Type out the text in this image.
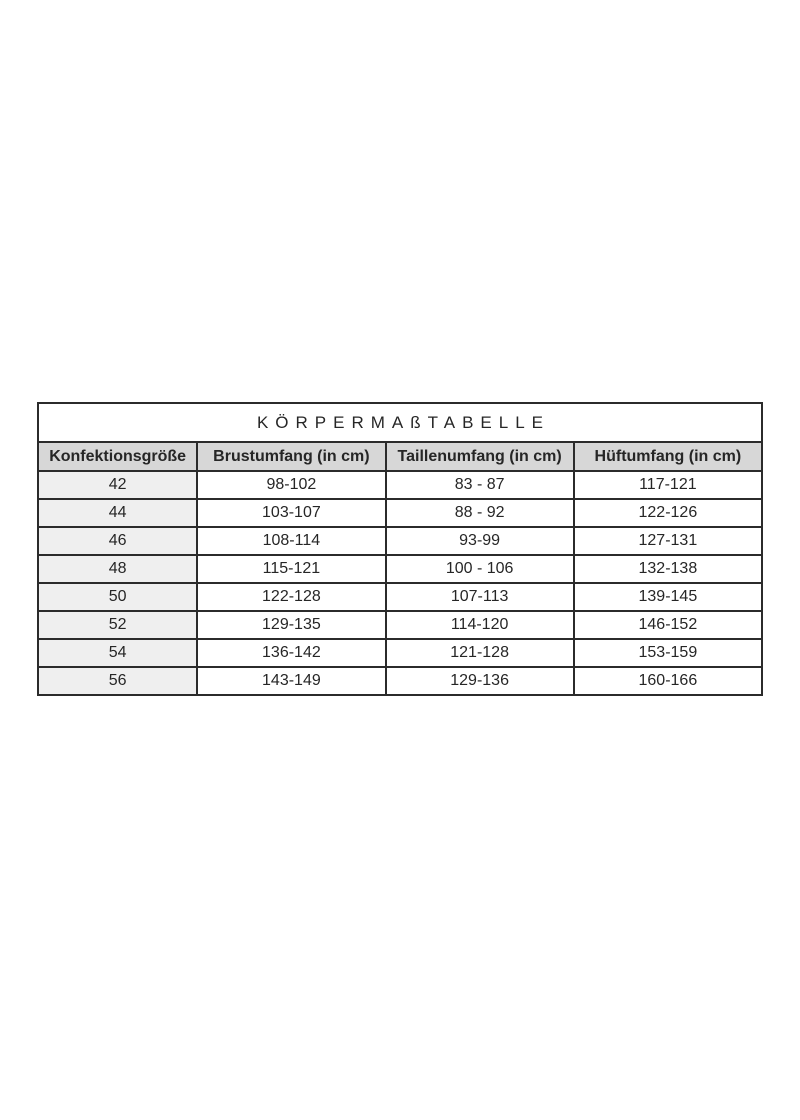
KÖRPERMAßTABELLE			
Konfektionsgröße	Brustumfang (in cm)	Taillenumfang (in cm)	Hüftumfang (in cm)
42	98-102	83 - 87	117-121
44	103-107	88 - 92	122-126
46	108-114	93-99	127-131
48	115-121	100 - 106	132-138
50	122-128	107-113	139-145
52	129-135	114-120	146-152
54	136-142	121-128	153-159
56	143-149	129-136	160-166
